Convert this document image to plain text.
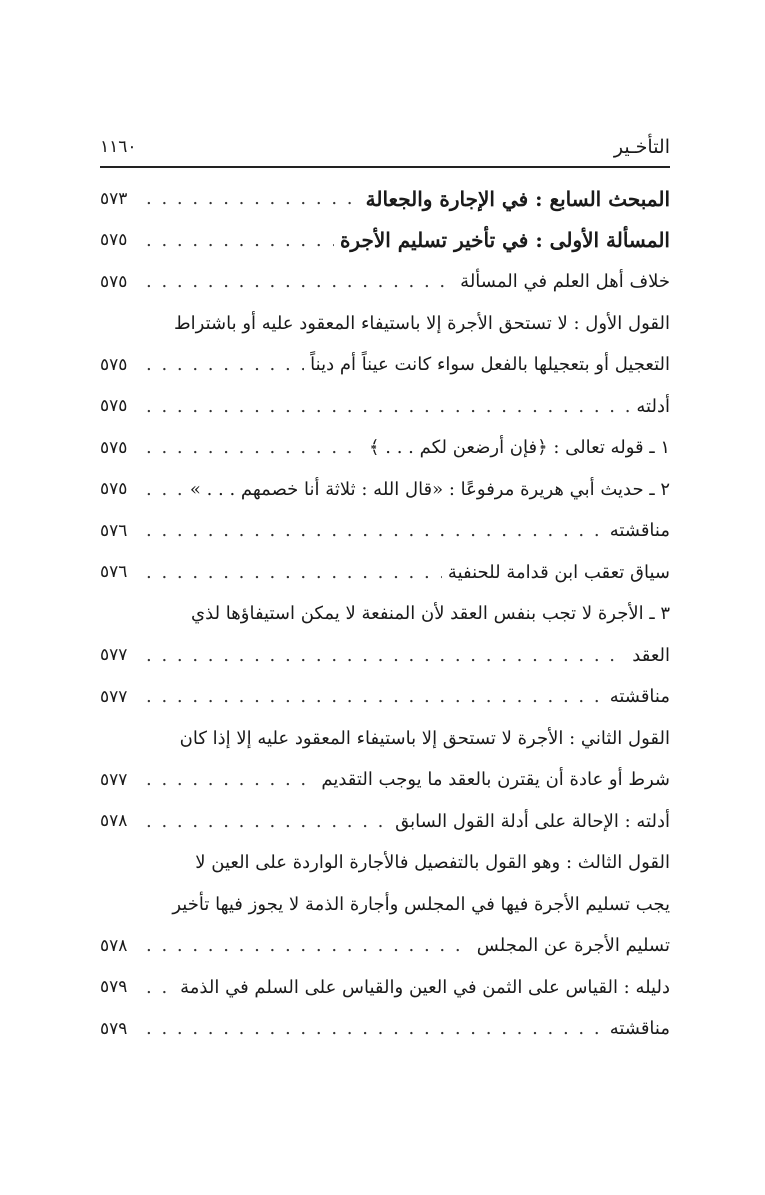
التأخـير
١١٦٠
المبحث السابع : في الإجارة والجعالة
. . .
٥٧٣
المسألة الأولى : في تأخير تسليم الأجرة
. . .
٥٧٥
خلاف أهل العلم في المسألة
. . .
٥٧٥
القول الأول : لا تستحق الأجرة إلا باستيفاء المعقود عليه أو باشتراط
التعجيل أو بتعجيلها بالفعل سواء كانت عيناً أم ديناً
. . .
٥٧٥
أدلته
. . .
٥٧٥
١ ـ قوله تعالى : ﴿فإن أرضعن لكم . . . ﴾
. . .
٥٧٥
٢ ـ حديث أبي هريرة مرفوعًا : «قال الله : ثلاثة أنا خصمهم . . . »
. . .
٥٧٥
مناقشته
. . .
٥٧٦
سياق تعقب ابن قدامة للحنفية
. . .
٥٧٦
٣ ـ الأجرة لا تجب بنفس العقد لأن المنفعة لا يمكن استيفاؤها لذي
العقد
. . .
٥٧٧
مناقشته
. . .
٥٧٧
القول الثاني : الأجرة لا تستحق إلا باستيفاء المعقود عليه إلا إذا كان
شرط أو عادة أن يقترن بالعقد ما يوجب التقديم
. . .
٥٧٧
أدلته : الإحالة على أدلة القول السابق
. . .
٥٧٨
القول الثالث : وهو القول بالتفصيل فالأجارة الواردة على العين لا
يجب تسليم الأجرة فيها في المجلس وأجارة الذمة لا يجوز فيها تأخير
تسليم الأجرة عن المجلس
. . .
٥٧٨
دليله : القياس على الثمن في العين والقياس على السلم في الذمة
. . .
٥٧٩
مناقشته
. . .
٥٧٩
